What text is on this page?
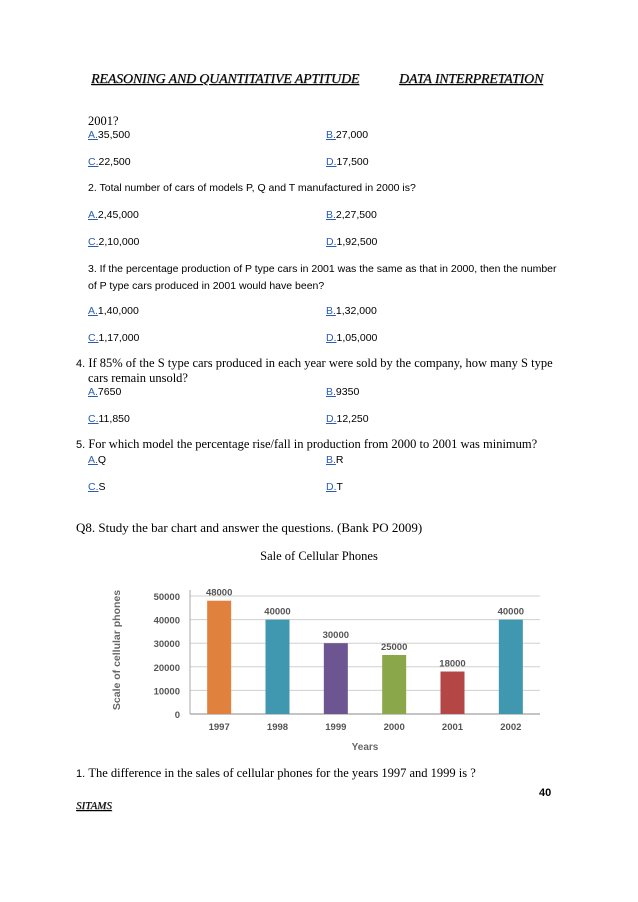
REASONING AND QUANTITATIVE APTITUDE	DATA INTERPRETATION
2001?
A.35,500	B.27,000
C.22,500	D.17,500
2. Total number of cars of models P, Q and T manufactured in 2000 is?
A.2,45,000	B.2,27,500
C.2,10,000	D.1,92,500
3. If the percentage production of P type cars in 2001 was the same as that in 2000, then the number
of P type cars produced in 2001 would have been?
A.1,40,000	B.1,32,000
C.1,17,000	D.1,05,000
4. If 85% of the S type cars produced in each year were sold by the company, how many S type
cars remain unsold?
A.7650	B.9350
C.11,850	D.12,250
5. For which model the percentage rise/fall in production from 2000 to 2001 was minimum?
A.Q	B.R
C.S	D.T
Q8. Study the bar chart and answer the questions. (Bank PO 2009)
Sale of Cellular Phones
0
10000
20000
30000
40000
50000	48000
1997
40000
1998
30000
1999
25000
2000
18000
2001
40000
2002
Years
Scale of cellular phones
1. The difference in the sales of cellular phones for the years 1997 and 1999 is ?
40
SITAMS
